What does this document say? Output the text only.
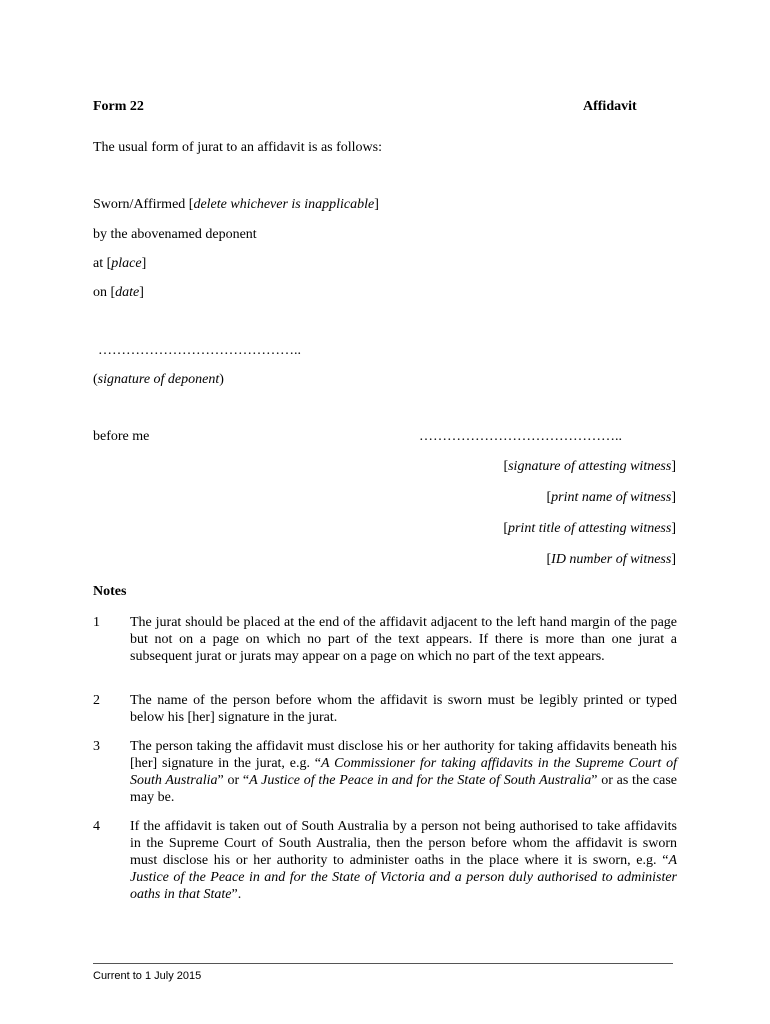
Form 22	Affidavit
The usual form of jurat to an affidavit is as follows:
Sworn/Affirmed [delete whichever is inapplicable]
by the abovenamed deponent
at [place]
on [date]
……………………………………..
(signature of deponent)
before me	……………………………………..
[signature of attesting witness]
[print name of witness]
[print title of attesting witness]
[ID number of witness]
Notes
1	The jurat should be placed at the end of the affidavit adjacent to the left hand margin of the page but not on a page on which no part of the text appears. If there is more than one jurat a subsequent jurat or jurats may appear on a page on which no part of the text appears.
2	The name of the person before whom the affidavit is sworn must be legibly printed or typed below his [her] signature in the jurat.
3	The person taking the affidavit must disclose his or her authority for taking affidavits beneath his [her] signature in the jurat, e.g. “A Commissioner for taking affidavits in the Supreme Court of South Australia” or “A Justice of the Peace in and for the State of South Australia” or as the case may be.
4	If the affidavit is taken out of South Australia by a person not being authorised to take affidavits in the Supreme Court of South Australia, then the person before whom the affidavit is sworn must disclose his or her authority to administer oaths in the place where it is sworn, e.g. “A Justice of the Peace in and for the State of Victoria and a person duly authorised to administer oaths in that State”.
Current to 1 July 2015
